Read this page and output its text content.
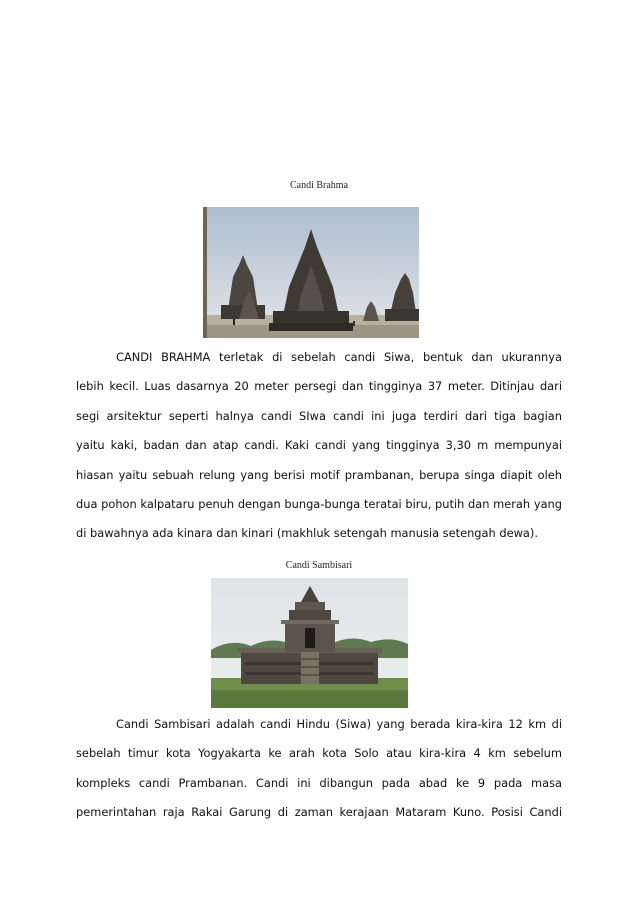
Candi Brahma
CANDI BRAHMA terletak di sebelah candi Siwa, bentuk dan ukurannya
lebih kecil. Luas dasarnya 20 meter persegi dan tingginya 37 meter. Ditinjau dari
segi arsitektur seperti halnya candi SIwa candi ini juga terdiri dari tiga bagian
yaitu kaki, badan dan atap candi. Kaki candi yang tingginya 3,30 m mempunyai
hiasan yaitu sebuah relung yang berisi motif prambanan, berupa singa diapit oleh
dua pohon kalpataru penuh dengan bunga-bunga teratai biru, putih dan merah yang
di bawahnya ada kinara dan kinari (makhluk setengah manusia setengah dewa).
Candi Sambisari
Candi Sambisari adalah candi Hindu (Siwa) yang berada kira-kira 12 km di
sebelah timur kota Yogyakarta ke arah kota Solo atau kira-kira 4 km sebelum
kompleks candi Prambanan. Candi ini dibangun pada abad ke 9 pada masa
pemerintahan raja Rakai Garung di zaman kerajaan Mataram Kuno. Posisi Candi
